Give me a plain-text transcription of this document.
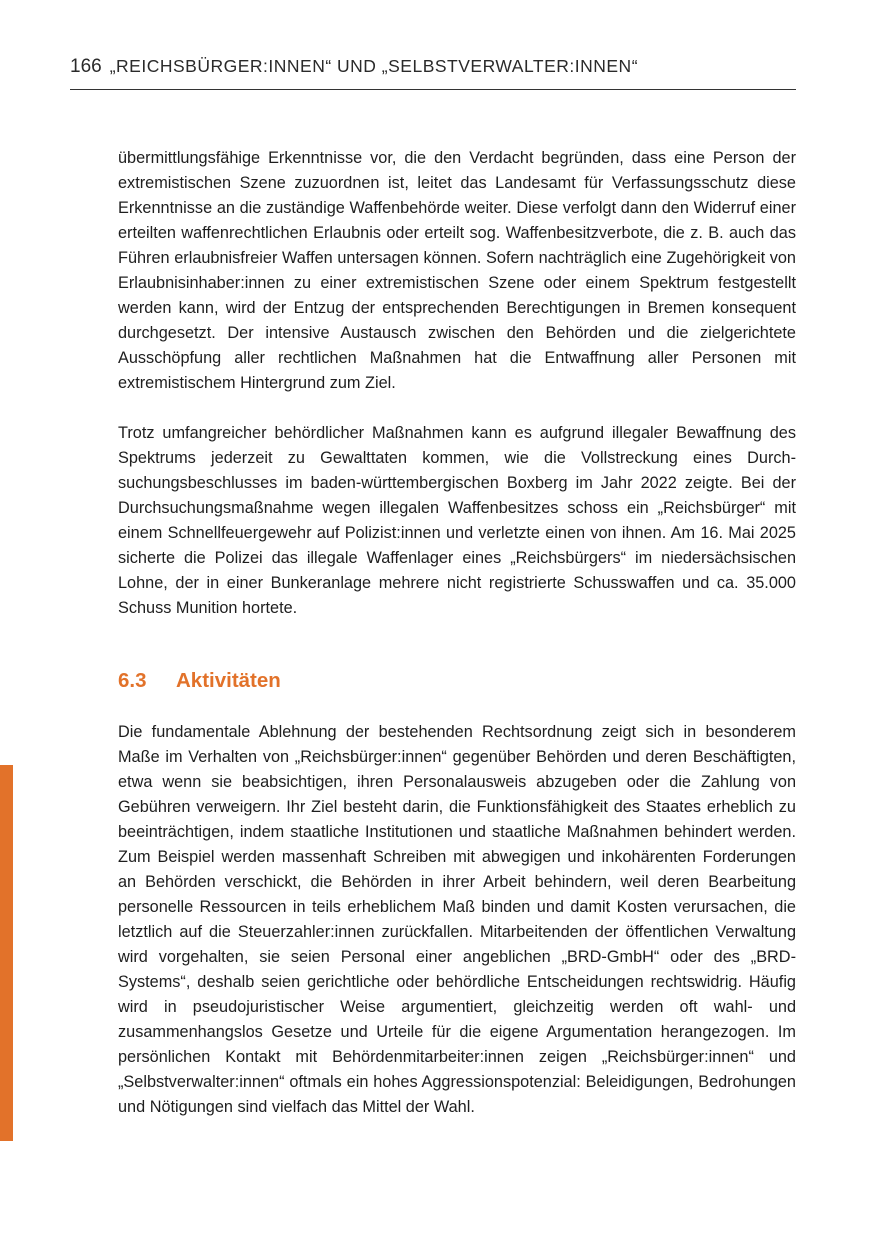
166 „REICHSBÜRGER:INNEN“ UND „SELBSTVERWALTER:INNEN“

übermittlungsfähige Erkenntnisse vor, die den Verdacht begründen, dass eine Person der extremistischen Szene zuzuordnen ist, leitet das Landesamt für Verfassungsschutz diese Erkenntnisse an die zuständige Waffenbehörde weiter. Diese verfolgt dann den Widerruf einer erteilten waffenrechtlichen Erlaubnis oder erteilt sog. Waffenbesitzverbote, die z. B. auch das Führen erlaubnisfreier Waffen untersagen können. Sofern nachträglich eine Zugehörigkeit von Erlaubnisinhaber:innen zu einer extremistischen Szene oder einem Spektrum festgestellt werden kann, wird der Entzug der entsprechenden Berechtigungen in Bremen konsequent durchgesetzt. Der intensive Austausch zwischen den Behörden und die zielgerichtete Ausschöpfung aller rechtlichen Maßnahmen hat die Entwaffnung aller Personen mit extremistischem Hintergrund zum Ziel.

Trotz umfangreicher behördlicher Maßnahmen kann es aufgrund illegaler Bewaffnung des Spektrums jederzeit zu Gewalttaten kommen, wie die Vollstreckung eines Durchsuchungsbeschlusses im baden-württembergischen Boxberg im Jahr 2022 zeigte. Bei der Durchsuchungsmaßnahme wegen illegalen Waffenbesitzes schoss ein „Reichsbürger“ mit einem Schnellfeuergewehr auf Polizist:innen und verletzte einen von ihnen. Am 16. Mai 2025 sicherte die Polizei das illegale Waffenlager eines „Reichsbürgers“ im niedersächsischen Lohne, der in einer Bunkeranlage mehrere nicht registrierte Schusswaffen und ca. 35.000 Schuss Munition hortete.

6.3 Aktivitäten

Die fundamentale Ablehnung der bestehenden Rechtsordnung zeigt sich in besonderem Maße im Verhalten von „Reichsbürger:innen“ gegenüber Behörden und deren Beschäftigten, etwa wenn sie beabsichtigen, ihren Personalausweis abzugeben oder die Zahlung von Gebühren verweigern. Ihr Ziel besteht darin, die Funktionsfähigkeit des Staates erheblich zu beeinträchtigen, indem staatliche Institutionen und staatliche Maßnahmen behindert werden. Zum Beispiel werden massenhaft Schreiben mit abwegigen und inkohärenten Forderungen an Behörden verschickt, die Behörden in ihrer Arbeit behindern, weil deren Bearbeitung personelle Ressourcen in teils erheblichem Maß binden und damit Kosten verursachen, die letztlich auf die Steuerzahler:innen zurückfallen. Mitarbeitenden der öffentlichen Verwaltung wird vorgehalten, sie seien Personal einer angeblichen „BRD-GmbH“ oder des „BRD-Systems“, deshalb seien gerichtliche oder behördliche Entscheidungen rechtswidrig. Häufig wird in pseudojuristischer Weise argumentiert, gleichzeitig werden oft wahl- und zusammenhangslos Gesetze und Urteile für die eigene Argumentation herangezogen. Im persönlichen Kontakt mit Behördenmitarbeiter:innen zeigen „Reichsbürger:innen“ und „Selbstverwalter:innen“ oftmals ein hohes Aggressionspotenzial: Beleidigungen, Bedrohungen und Nötigungen sind vielfach das Mittel der Wahl.
